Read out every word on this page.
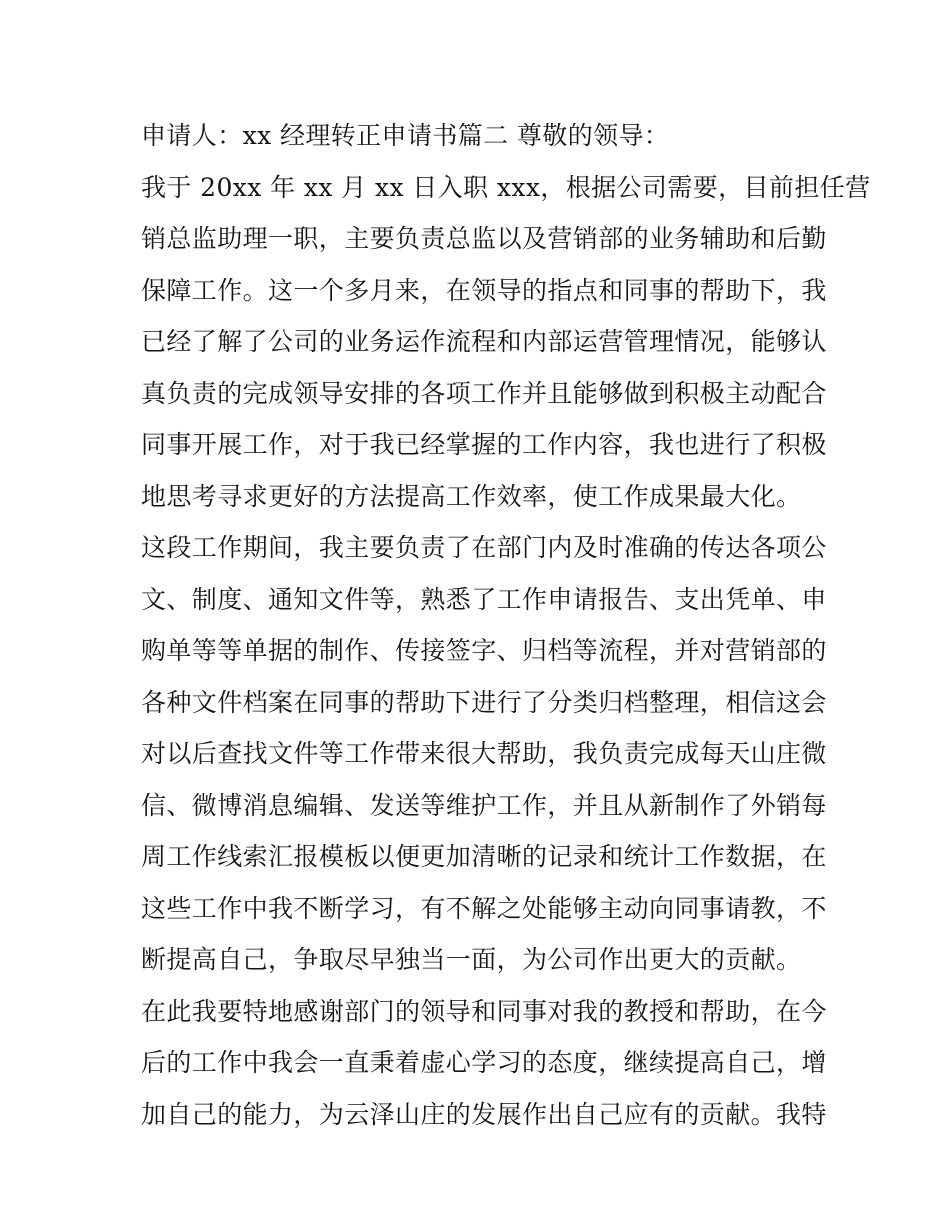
申请人：xx 经理转正申请书篇二 尊敬的领导：
我于 20xx 年 xx 月 xx 日入职 xxx，根据公司需要，目前担任营
销总监助理一职，主要负责总监以及营销部的业务辅助和后勤
保障工作。这一个多月来，在领导的指点和同事的帮助下，我
已经了解了公司的业务运作流程和内部运营管理情况，能够认
真负责的完成领导安排的各项工作并且能够做到积极主动配合
同事开展工作，对于我已经掌握的工作内容，我也进行了积极
地思考寻求更好的方法提高工作效率，使工作成果最大化。
这段工作期间，我主要负责了在部门内及时准确的传达各项公
文、制度、通知文件等，熟悉了工作申请报告、支出凭单、申
购单等等单据的制作、传接签字、归档等流程，并对营销部的
各种文件档案在同事的帮助下进行了分类归档整理，相信这会
对以后查找文件等工作带来很大帮助，我负责完成每天山庄微
信、微博消息编辑、发送等维护工作，并且从新制作了外销每
周工作线索汇报模板以便更加清晰的记录和统计工作数据，在
这些工作中我不断学习，有不解之处能够主动向同事请教，不
断提高自己，争取尽早独当一面，为公司作出更大的贡献。
在此我要特地感谢部门的领导和同事对我的教授和帮助，在今
后的工作中我会一直秉着虚心学习的态度，继续提高自己，增
加自己的能力，为云泽山庄的发展作出自己应有的贡献。我特
